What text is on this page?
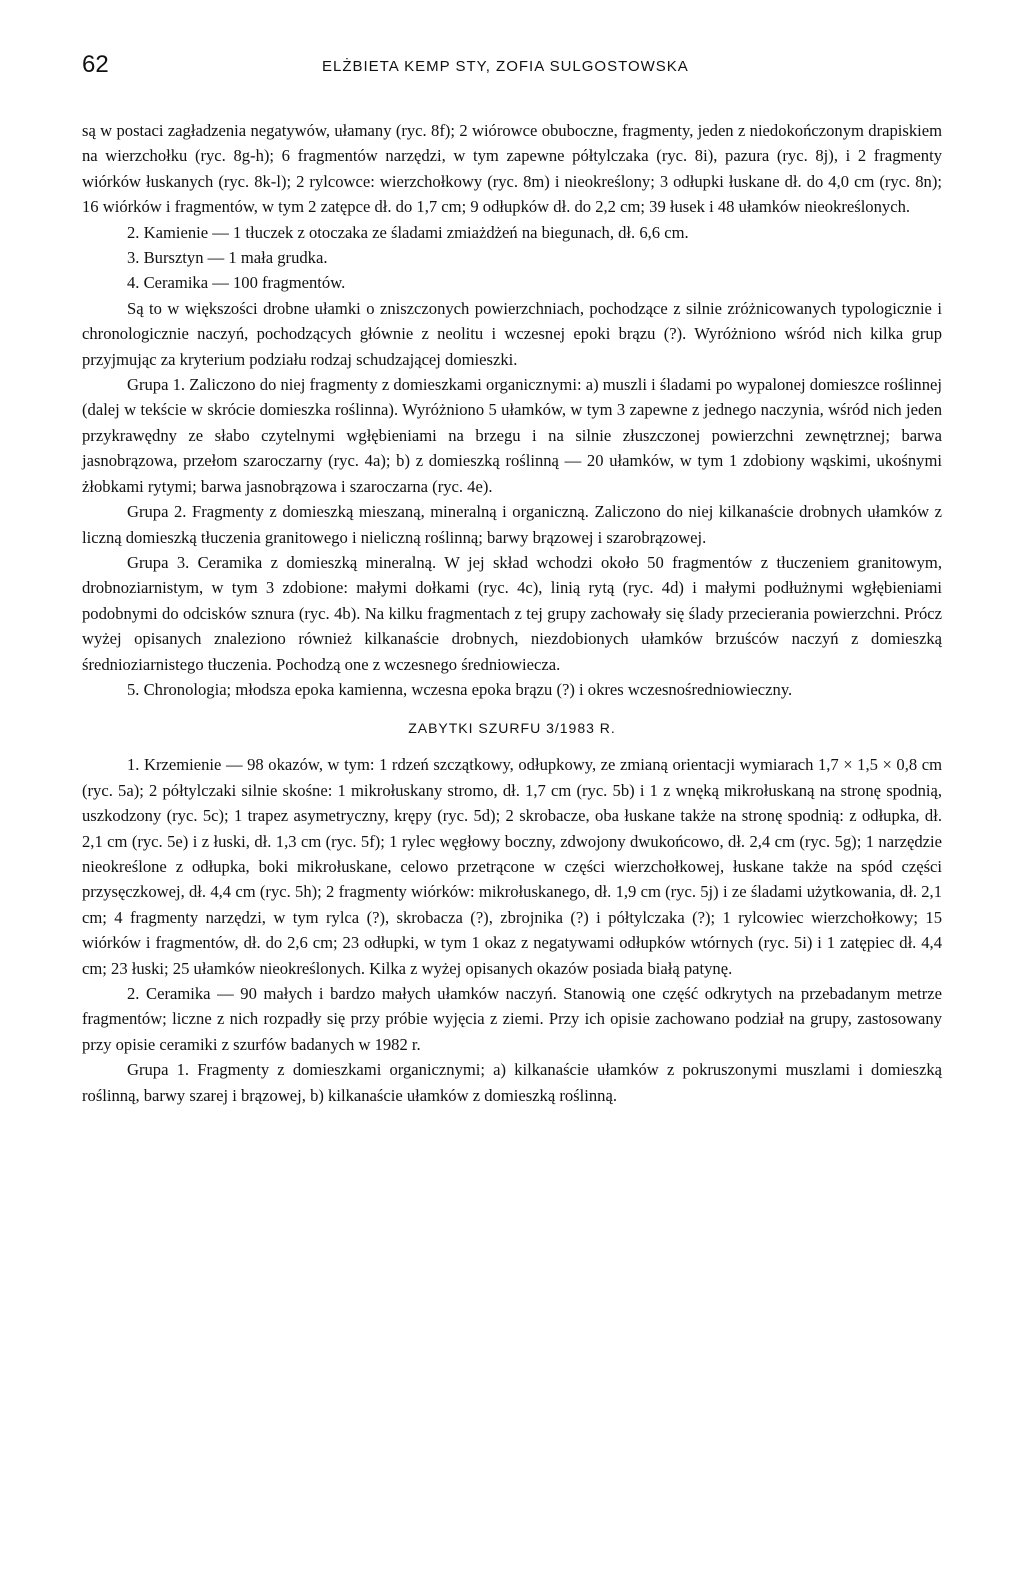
62	ELŻBIETA KEMP STY, ZOFIA SULGOSTOWSKA

są w postaci zagładzenia negatywów, ułamany (ryc. 8f); 2 wiórowce obuboczne, fragmenty, jeden z niedokończonym drapiskiem na wierzchołku (ryc. 8g-h); 6 fragmentów narzędzi, w tym zapewne półtylczaka (ryc. 8i), pazura (ryc. 8j), i 2 fragmenty wiórków łuskanych (ryc. 8k-l); 2 rylcowce: wierzchołkowy (ryc. 8m) i nieokreślony; 3 odłupki łuskane dł. do 4,0 cm (ryc. 8n); 16 wiórków i fragmentów, w tym 2 zatępce dł. do 1,7 cm; 9 odłupków dł. do 2,2 cm; 39 łusek i 48 ułamków nieokreślonych.

2. Kamienie — 1 tłuczek z otoczaka ze śladami zmiażdżeń na biegunach, dł. 6,6 cm.

3. Bursztyn — 1 mała grudka.

4. Ceramika — 100 fragmentów.

Są to w większości drobne ułamki o zniszczonych powierzchniach, pochodzące z silnie zróżnicowanych typologicznie i chronologicznie naczyń, pochodzących głównie z neolitu i wczesnej epoki brązu (?). Wyróżniono wśród nich kilka grup przyjmując za kryterium podziału rodzaj schudzającej domieszki.

Grupa 1. Zaliczono do niej fragmenty z domieszkami organicznymi: a) muszli i śladami po wypalonej domieszce roślinnej (dalej w tekście w skrócie domieszka roślinna). Wyróżniono 5 ułamków, w tym 3 zapewne z jednego naczynia, wśród nich jeden przykrawędny ze słabo czytelnymi wgłębieniami na brzegu i na silnie złuszczonej powierzchni zewnętrznej; barwa jasnobrązowa, przełom szaroczarny (ryc. 4a); b) z domieszką roślinną — 20 ułamków, w tym 1 zdobiony wąskimi, ukośnymi żłobkami rytymi; barwa jasnobrązowa i szaroczarna (ryc. 4e).

Grupa 2. Fragmenty z domieszką mieszaną, mineralną i organiczną. Zaliczono do niej kilkanaście drobnych ułamków z liczną domieszką tłuczenia granitowego i nieliczną roślinną; barwy brązowej i szarobrązowej.

Grupa 3. Ceramika z domieszką mineralną. W jej skład wchodzi około 50 fragmentów z tłuczeniem granitowym, drobnoziarnistym, w tym 3 zdobione: małymi dołkami (ryc. 4c), linią rytą (ryc. 4d) i małymi podłużnymi wgłębieniami podobnymi do odcisków sznura (ryc. 4b). Na kilku fragmentach z tej grupy zachowały się ślady przecierania powierzchni. Prócz wyżej opisanych znaleziono również kilkanaście drobnych, niezdobionych ułamków brzuśców naczyń z domieszką średnioziarnistego tłuczenia. Pochodzą one z wczesnego średniowiecza.

5. Chronologia; młodsza epoka kamienna, wczesna epoka brązu (?) i okres wczesnośredniowieczny.

ZABYTKI SZURFU 3/1983 R.

1. Krzemienie — 98 okazów, w tym: 1 rdzeń szczątkowy, odłupkowy, ze zmianą orientacji wymiarach 1,7 × 1,5 × 0,8 cm (ryc. 5a); 2 półtylczaki silnie skośne: 1 mikrołuskany stromo, dł. 1,7 cm (ryc. 5b) i 1 z wnęką mikrołuskaną na stronę spodnią, uszkodzony (ryc. 5c); 1 trapez asymetryczny, krępy (ryc. 5d); 2 skrobacze, oba łuskane także na stronę spodnią: z odłupka, dł. 2,1 cm (ryc. 5e) i z łuski, dł. 1,3 cm (ryc. 5f); 1 rylec węgłowy boczny, zdwojony dwukońcowo, dł. 2,4 cm (ryc. 5g); 1 narzędzie nieokreślone z odłupka, boki mikrołuskane, celowo przetrącone w części wierzchołkowej, łuskane także na spód części przysęczkowej, dł. 4,4 cm (ryc. 5h); 2 fragmenty wiórków: mikrołuskanego, dł. 1,9 cm (ryc. 5j) i ze śladami użytkowania, dł. 2,1 cm; 4 fragmenty narzędzi, w tym rylca (?), skrobacza (?), zbrojnika (?) i półtylczaka (?); 1 rylcowiec wierzchołkowy; 15 wiórków i fragmentów, dł. do 2,6 cm; 23 odłupki, w tym 1 okaz z negatywami odłupków wtórnych (ryc. 5i) i 1 zatępiec dł. 4,4 cm; 23 łuski; 25 ułamków nieokreślonych. Kilka z wyżej opisanych okazów posiada białą patynę.

2. Ceramika — 90 małych i bardzo małych ułamków naczyń. Stanowią one część odkrytych na przebadanym metrze fragmentów; liczne z nich rozpadły się przy próbie wyjęcia z ziemi. Przy ich opisie zachowano podział na grupy, zastosowany przy opisie ceramiki z szurfów badanych w 1982 r.

Grupa 1. Fragmenty z domieszkami organicznymi; a) kilkanaście ułamków z pokruszonymi muszlami i domieszką roślinną, barwy szarej i brązowej, b) kilkanaście ułamków z domieszką roślinną.
